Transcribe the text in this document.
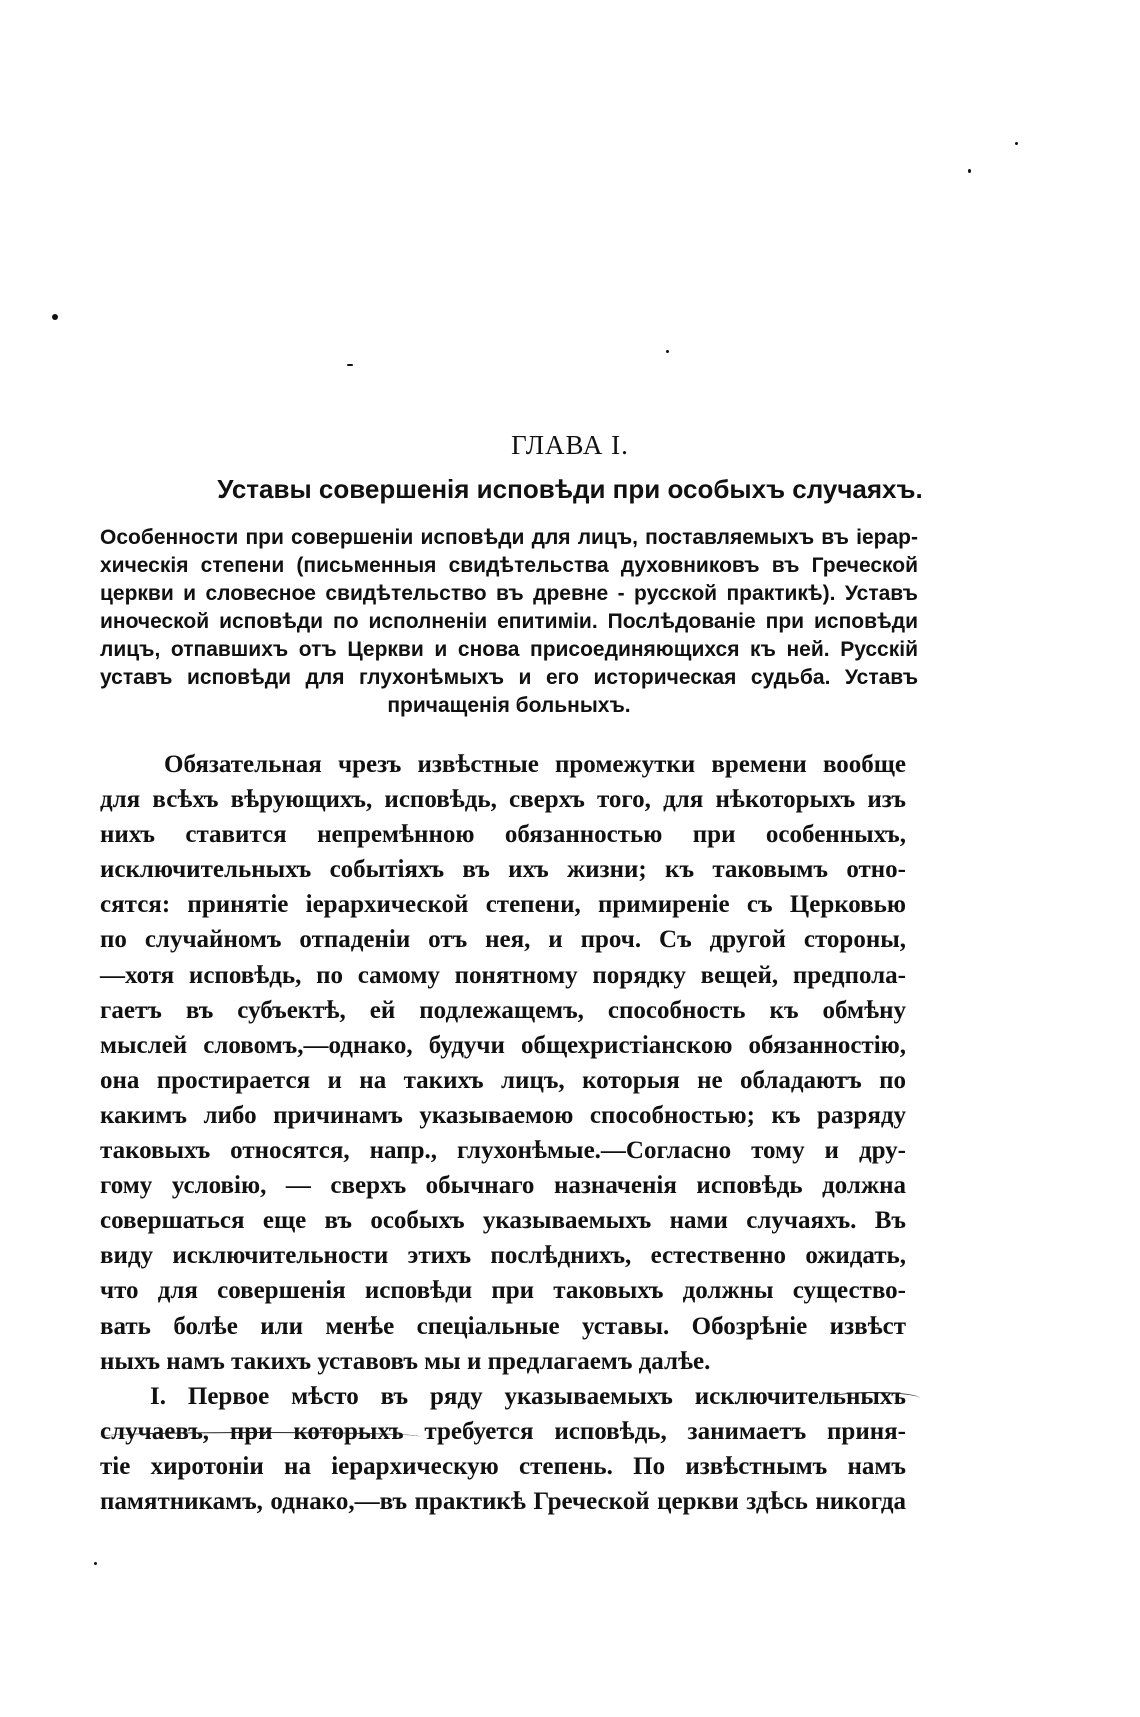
ГЛАВА I.
Уставы совершенія исповѣди при особыхъ случаяхъ.
Особенности при совершеніи исповѣди для лицъ, поставляемыхъ въ іерар-
хическія степени (письменныя свидѣтельства духовниковъ въ Греческой
церкви и словесное свидѣтельство въ древне - русской практикѣ). Уставъ
иноческой исповѣди по исполненіи епитиміи. Послѣдованіе при исповѣди
лицъ, отпавшихъ отъ Церкви и снова присоединяющихся къ ней. Русскій
уставъ исповѣди для глухонѣмыхъ и его историческая судьба. Уставъ
причащенія больныхъ.
Обязательная чрезъ извѣстные промежутки времени вообще
для всѣхъ вѣрующихъ, исповѣдь, сверхъ того, для нѣкоторыхъ изъ
нихъ ставится непремѣнною обязанностью при особенныхъ,
исключительныхъ событіяхъ въ ихъ жизни; къ таковымъ отно-
сятся: принятіе іерархической степени, примиреніе съ Церковью
по случайномъ отпаденіи отъ нея, и проч. Съ другой стороны,
—хотя исповѣдь, по самому понятному порядку вещей, предпола-
гаетъ въ субъектѣ, ей подлежащемъ, способность къ обмѣну
мыслей словомъ,—однако, будучи общехристіанскою обязанностію,
она простирается и на такихъ лицъ, которыя не обладаютъ по
какимъ либо причинамъ указываемою способностью; къ разряду
таковыхъ относятся, напр., глухонѣмые.—Согласно тому и дру-
гому условію, — сверхъ обычнаго назначенія исповѣдь должна
совершаться еще въ особыхъ указываемыхъ нами случаяхъ. Въ
виду исключительности этихъ послѣднихъ, естественно ожидать,
что для совершенія исповѣди при таковыхъ должны существо-
вать болѣе или менѣе спеціальные уставы. Обозрѣніе извѣст
ныхъ намъ такихъ уставовъ мы и предлагаемъ далѣе.
I. Первое мѣсто въ ряду указываемыхъ исключительныхъ
случаевъ, при которыхъ требуется исповѣдь, занимаетъ приня-
тіе хиротоніи на іерархическую степень. По извѣстнымъ намъ
памятникамъ, однако,—въ практикѣ Греческой церкви здѣсь никогда
